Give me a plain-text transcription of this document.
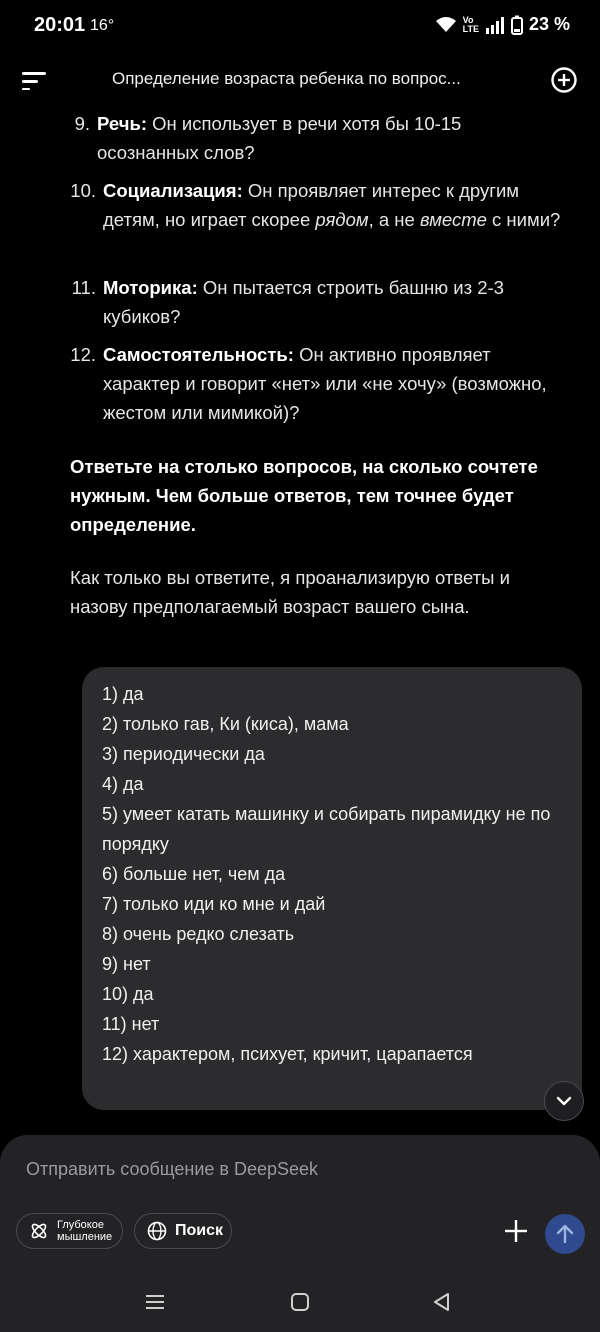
20:01 16°	Vo
LTE	23 %
Определение возраста ребенка по вопрос...
9. Речь: Он использует в речи хотя бы 10-15 осознанных слов?
10. Социализация: Он проявляет интерес к другим детям, но играет скорее рядом, а не вместе с ними?
11. Моторика: Он пытается строить башню из 2-3 кубиков?
12. Самостоятельность: Он активно проявляет характер и говорит «нет» или «не хочу» (возможно, жестом или мимикой)?
Ответьте на столько вопросов, на сколько сочтете нужным. Чем больше ответов, тем точнее будет определение.
Как только вы ответите, я проанализирую ответы и назову предполагаемый возраст вашего сына.
1) да
2) только гав, Ки (киса), мама
3) периодически да
4) да
5) умеет катать машинку и собирать пирамидку не по порядку
6) больше нет, чем да
7) только иди ко мне и дай
8) очень редко слезать
9) нет
10) да
11) нет
12) характером, психует, кричит, царапается
Отправить сообщение в DeepSeek
Глубокое
мышление	Поиск
